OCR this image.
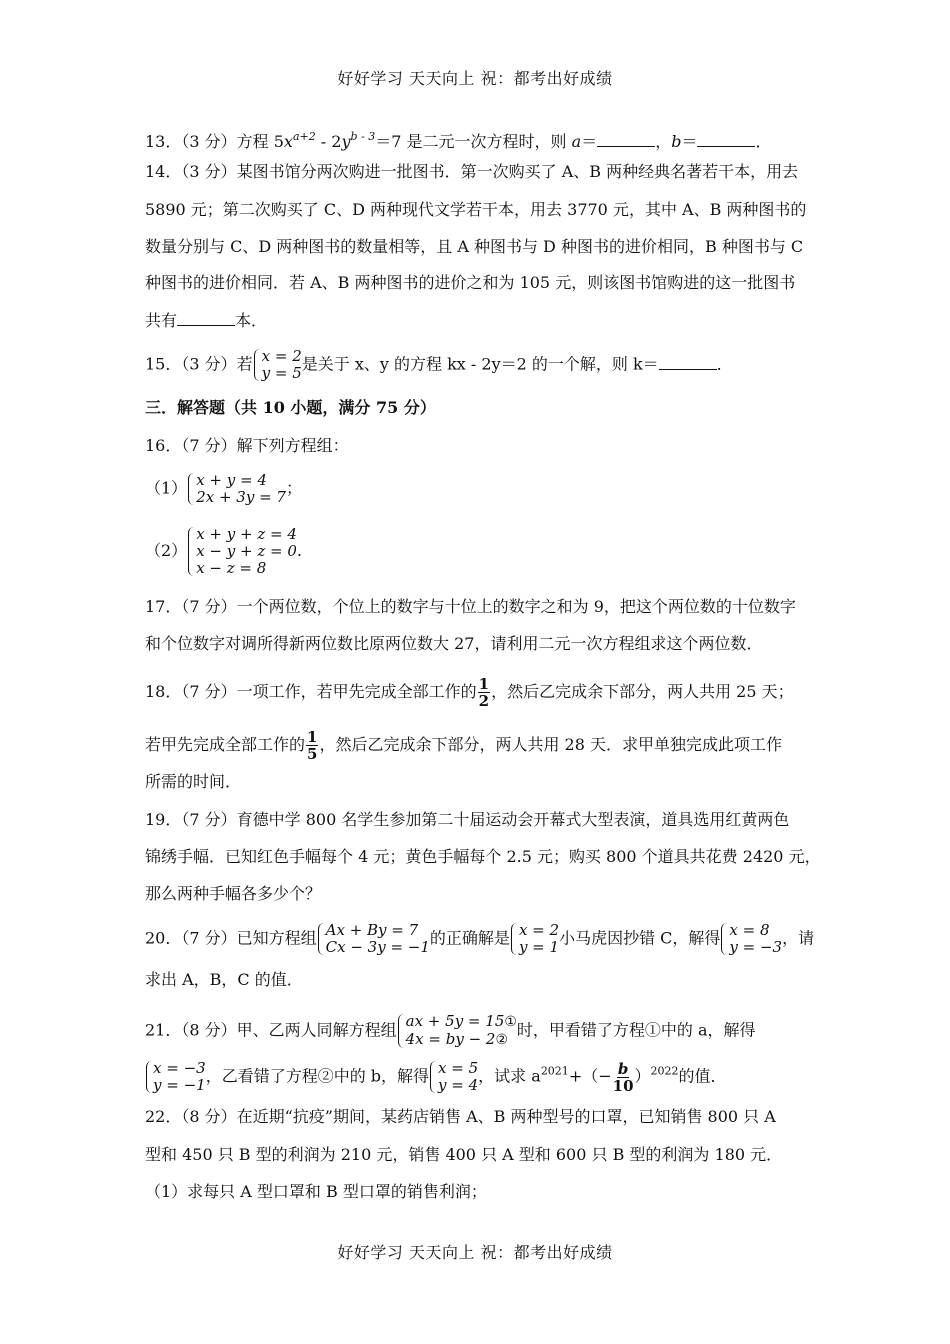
好好学习 天天向上 祝：都考出好成绩
13．（3 分）方程 $5x^{a+2} - 2y^{b - 3}=7$ 是二元一次方程时，则 a＝	，b＝	．
14．（3 分）某图书馆分两次购进一批图书．第一次购买了 A、B 两种经典名著若干本，用去
5890 元；第二次购买了 C、D 两种现代文学若干本，用去 3770 元，其中 A、B 两种图书的
数量分别与 C、D 两种图书的数量相等，且 A 种图书与 D 种图书的进价相同，B 种图书与 C
种图书的进价相同．若 A、B 两种图书的进价之和为 105 元，则该图书馆购进的这一批图书
共有	本．
15．（3 分）若 x = 2
y = 5 是关于 x、y 的方程 kx - 2y＝2 的一个解，则 k＝	．
三．解答题（共 10 小题，满分 75 分）
16．（7 分）解下列方程组：
（1） x + y = 4
2x + 3y = 7 ；
（2）
x + y + z = 4
x − y + z = 0
x − z = 8
.
17．（7 分）一个两位数，个位上的数字与十位上的数字之和为 9，把这个两位数的十位数字
和个位数字对调所得新两位数比原两位数大 27，请利用二元一次方程组求这个两位数．
18．（7 分）一项工作，若甲先完成全部工作的 $\frac{1}{2}$ ，然后乙完成余下部分，两人共用 25 天；
若甲先完成全部工作的 $\frac{1}{5}$ ，然后乙完成余下部分，两人共用 28 天．求甲单独完成此项工作
所需的时间．
19．（7 分）育德中学 800 名学生参加第二十届运动会开幕式大型表演，道具选用红黄两色
锦绣手幅．已知红色手幅每个 4 元；黄色手幅每个 2.5 元；购买 800 个道具共花费 2420 元，
那么两种手幅各多少个？
20．（7 分）已知方程组 Ax + By = 7
Cx − 3y = −1 的正确解是 x = 2
y = 1 小马虎因抄错 C，解得 x = 8
y = −3 ，请
求出 A，B，C 的值．
21．（8 分）甲、乙两人同解方程组 ax + 5y = 15①
4x = by − 2②
时，甲看错了方程①中的 a，解得
x = −3
y = −1 ，乙看错了方程②中的 b，解得 x = 5
y = 4 ，试求 $a^{2021}+(- \frac{b}{10} )^{2022}$的值．
22．（8 分）在近期“抗疫”期间，某药店销售 A、B 两种型号的口罩，已知销售 800 只 A
型和 450 只 B 型的利润为 210 元，销售 400 只 A 型和 600 只 B 型的利润为 180 元．
（1）求每只 A 型口罩和 B 型口罩的销售利润；
好好学习 天天向上 祝：都考出好成绩
